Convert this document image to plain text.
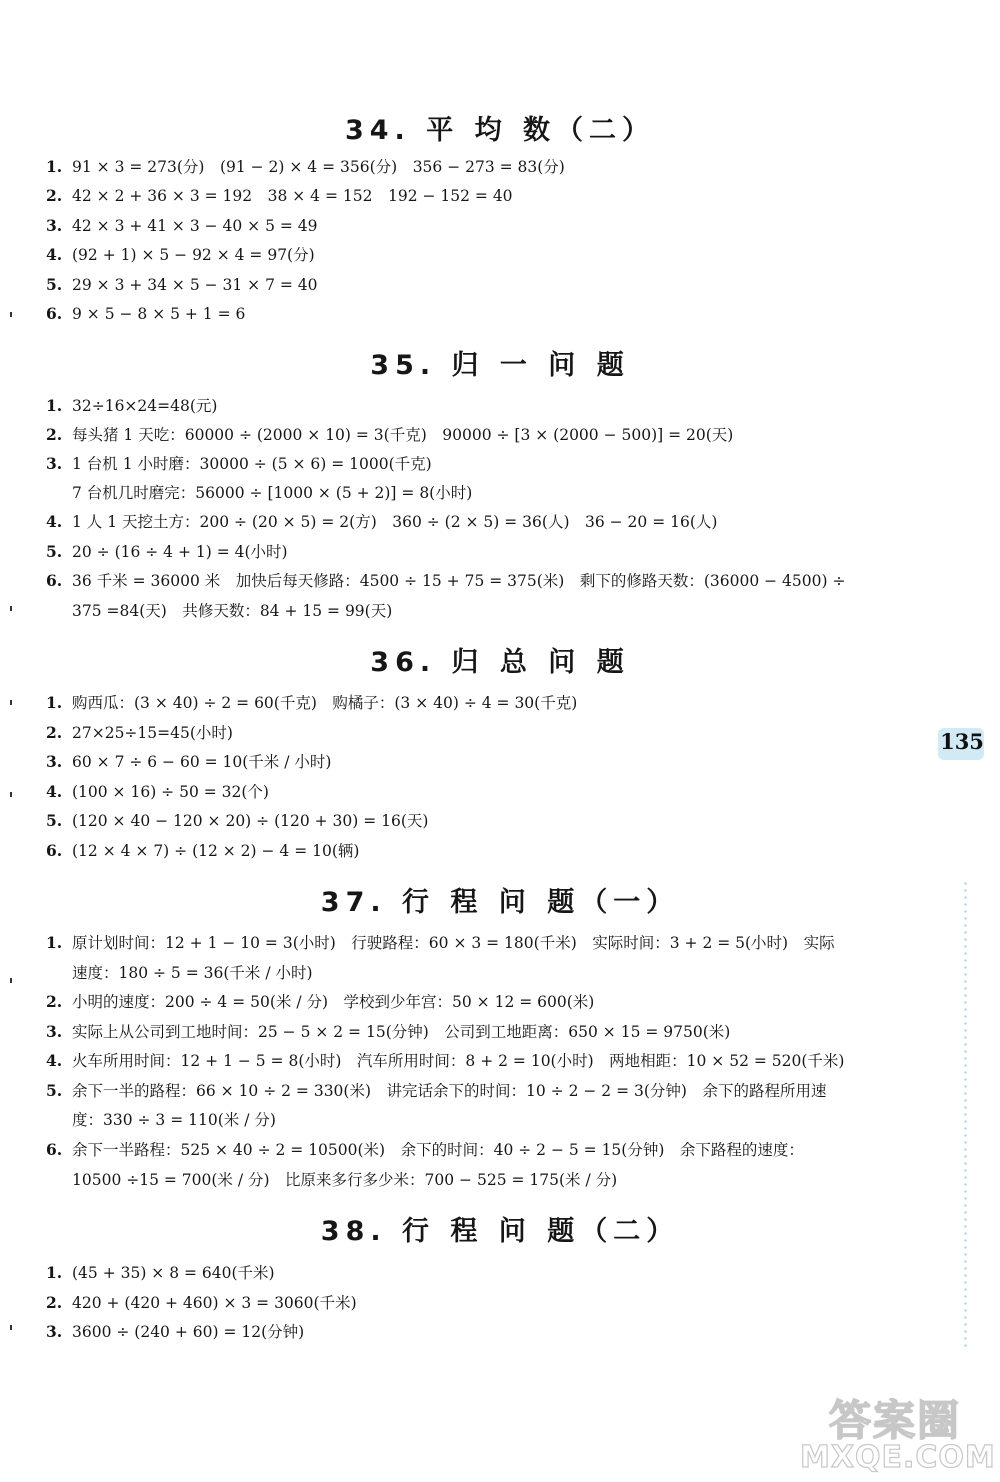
34. 平 均 数（二）
1. 91 × 3 = 273(分)　(91 − 2) × 4 = 356(分)　356 − 273 = 83(分)
2. 42 × 2 + 36 × 3 = 192　38 × 4 = 152　192 − 152 = 40
3. 42 × 3 + 41 × 3 − 40 × 5 = 49
4. (92 + 1) × 5 − 92 × 4 = 97(分)
5. 29 × 3 + 34 × 5 − 31 × 7 = 40
6. 9 × 5 − 8 × 5 + 1 = 6
35. 归 一 问 题
1. 32÷16×24=48(元)
2. 每头猪 1 天吃：60000 ÷ (2000 × 10) = 3(千克)　90000 ÷ [3 × (2000 − 500)] = 20(天)
3. 1 台机 1 小时磨：30000 ÷ (5 × 6) = 1000(千克)
7 台机几时磨完：56000 ÷ [1000 × (5 + 2)] = 8(小时)
4. 1 人 1 天挖土方：200 ÷ (20 × 5) = 2(方)　360 ÷ (2 × 5) = 36(人)　36 − 20 = 16(人)
5. 20 ÷ (16 ÷ 4 + 1) = 4(小时)
6. 36 千米 = 36000 米　加快后每天修路：4500 ÷ 15 + 75 = 375(米)　剩下的修路天数：(36000 − 4500) ÷
375 =84(天)　共修天数：84 + 15 = 99(天)
36. 归 总 问 题
1. 购西瓜：(3 × 40) ÷ 2 = 60(千克)　购橘子：(3 × 40) ÷ 4 = 30(千克)
2. 27×25÷15=45(小时)
3. 60 × 7 ÷ 6 − 60 = 10(千米 / 小时)
4. (100 × 16) ÷ 50 = 32(个)
5. (120 × 40 − 120 × 20) ÷ (120 + 30) = 16(天)
6. (12 × 4 × 7) ÷ (12 × 2) − 4 = 10(辆)
37. 行 程 问 题（一）
1. 原计划时间：12 + 1 − 10 = 3(小时)　行驶路程：60 × 3 = 180(千米)　实际时间：3 + 2 = 5(小时)　实际
速度：180 ÷ 5 = 36(千米 / 小时)
2. 小明的速度：200 ÷ 4 = 50(米 / 分)　学校到少年宫：50 × 12 = 600(米)
3. 实际上从公司到工地时间：25 − 5 × 2 = 15(分钟)　公司到工地距离：650 × 15 = 9750(米)
4. 火车所用时间：12 + 1 − 5 = 8(小时)　汽车所用时间：8 + 2 = 10(小时)　两地相距：10 × 52 = 520(千米)
5. 余下一半的路程：66 × 10 ÷ 2 = 330(米)　讲完话余下的时间：10 ÷ 2 − 2 = 3(分钟)　余下的路程所用速
度：330 ÷ 3 = 110(米 / 分)
6. 余下一半路程：525 × 40 ÷ 2 = 10500(米)　余下的时间：40 ÷ 2 − 5 = 15(分钟)　余下路程的速度：
10500 ÷15 = 700(米 / 分)　比原来多行多少米：700 − 525 = 175(米 / 分)
38. 行 程 问 题（二）
1. (45 + 35) × 8 = 640(千米)
2. 420 + (420 + 460) × 3 = 3060(千米)
3. 3600 ÷ (240 + 60) = 12(分钟)
135
答案圈
MXQE.COM
